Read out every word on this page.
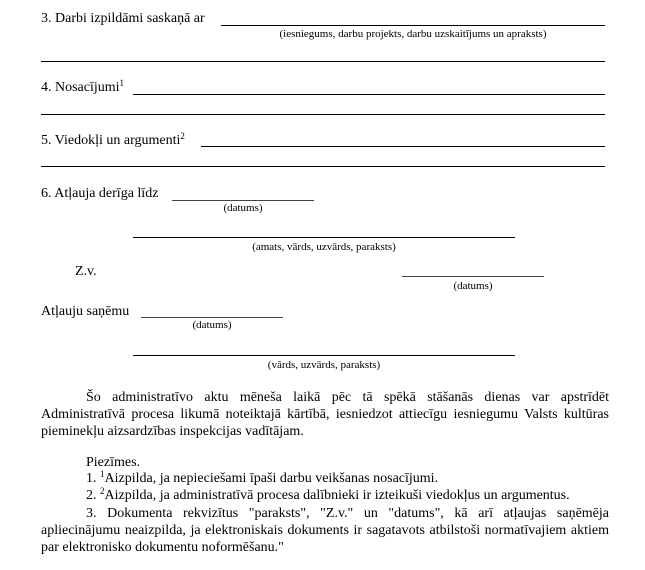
3. Darbi izpildāmi saskaņā ar
(iesniegums, darbu projekts, darbu uzskaitījums un apraksts)
4. Nosacījumi$^1$
5. Viedokļi un argumenti$^2$
6. Atļauja derīga līdz
(datums)
(amats, vārds, uzvārds, paraksts)
Z.v.
(datums)
Atļauju saņēmu
(datums)
(vārds, uzvārds, paraksts)
Šo administratīvo aktu mēneša laikā pēc tā spēkā stāšanās dienas var apstrīdēt Administratīvā procesa likumā noteiktajā kārtībā, iesniedzot attiecīgu iesniegumu Valsts kultūras pieminekļu aizsardzības inspekcijas vadītājam.
Piezīmes.
1. $^1$Aizpilda, ja nepieciešami īpaši darbu veikšanas nosacījumi.
2. $^2$Aizpilda, ja administratīvā procesa dalībnieki ir izteikuši viedokļus un argumentus.
3. Dokumenta rekvizītus "paraksts", "Z.v." un "datums", kā arī atļaujas saņēmēja apliecinājumu neaizpilda, ja elektroniskais dokuments ir sagatavots atbilstoši normatīvajiem aktiem par elektronisko dokumentu noformēšanu."
